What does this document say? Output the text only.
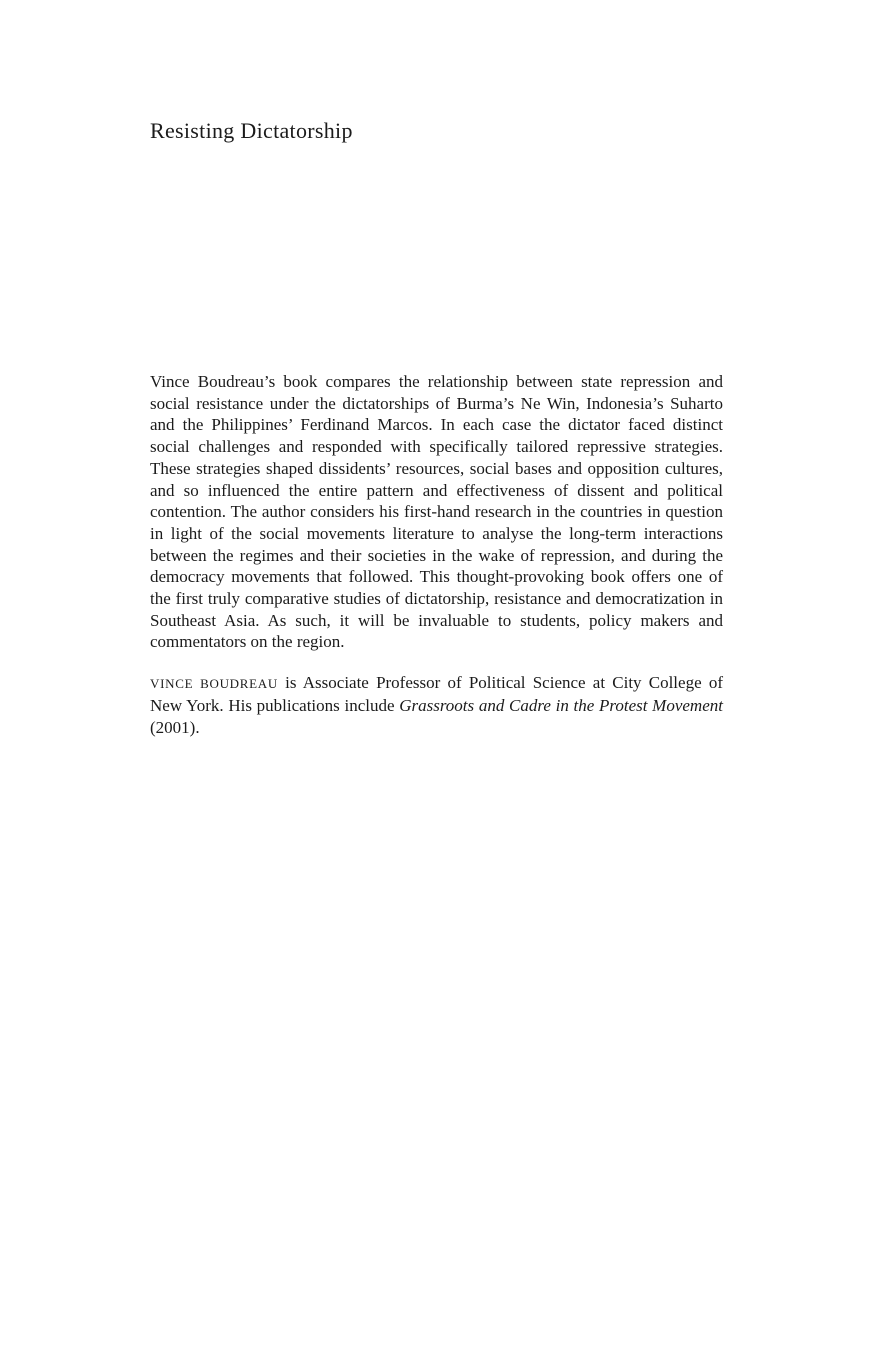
Resisting Dictatorship

Vince Boudreau’s book compares the relationship between state repression and social resistance under the dictatorships of Burma’s Ne Win, Indonesia’s Suharto and the Philippines’ Ferdinand Marcos. In each case the dictator faced distinct social challenges and responded with specifically tailored repressive strategies. These strategies shaped dissidents’ resources, social bases and opposition cultures, and so influenced the entire pattern and effectiveness of dissent and political contention. The author considers his first-hand research in the countries in question in light of the social movements literature to analyse the long-term interactions between the regimes and their societies in the wake of repression, and during the democracy movements that followed. This thought-provoking book offers one of the first truly comparative studies of dictatorship, resistance and democratization in Southeast Asia. As such, it will be invaluable to students, policy makers and commentators on the region.

VINCE BOUDREAU is Associate Professor of Political Science at City College of New York. His publications include Grassroots and Cadre in the Protest Movement (2001).
